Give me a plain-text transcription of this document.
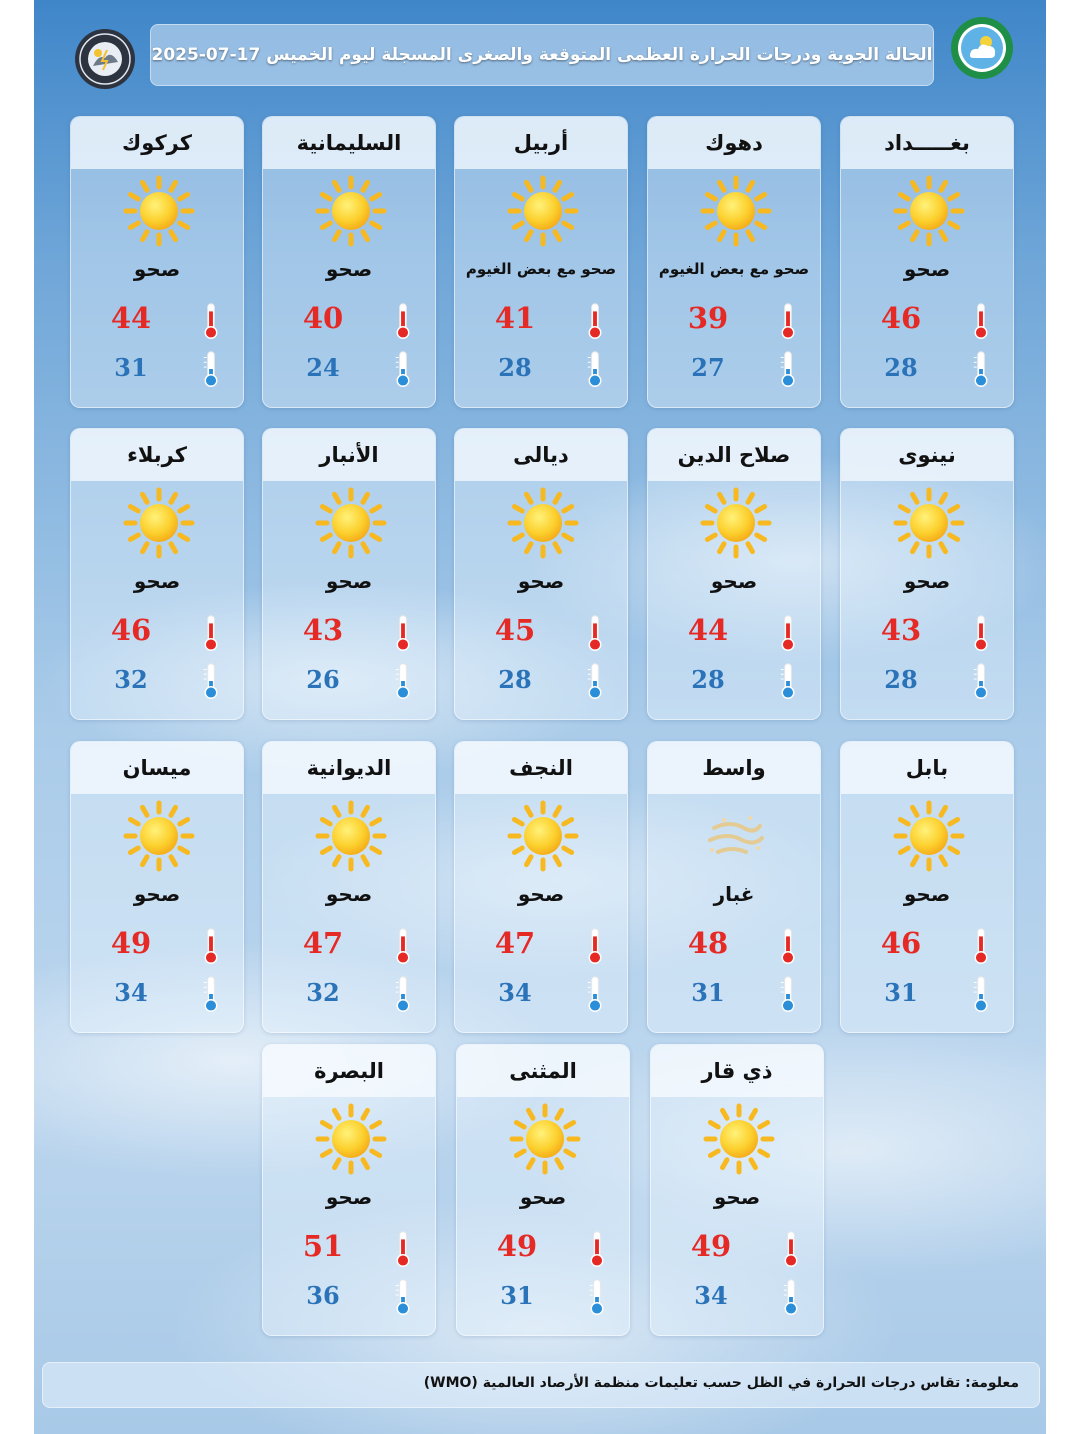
الحالة الجوية ودرجات الحرارة العظمى المتوقعة والصغرى المسجلة ليوم الخميس 17-07-2025
بغـــــداد
صحو
46
28
دهوك
صحو مع بعض الغيوم
39
27
أربيل
صحو مع بعض الغيوم
41
28
السليمانية
صحو
40
24
كركوك
صحو
44
31
نينوى
صحو
43
28
صلاح الدين
صحو
44
28
ديالى
صحو
45
28
الأنبار
صحو
43
26
كربلاء
صحو
46
32
بابل
صحو
46
31
واسط
غبار
48
31
النجف
صحو
47
34
الديوانية
صحو
47
32
ميسان
صحو
49
34
ذي قار
صحو
49
34
المثنى
صحو
49
31
البصرة
صحو
51
36
معلومة: تقاس درجات الحرارة في الظل حسب تعليمات منظمة الأرصاد العالمية (WMO)
